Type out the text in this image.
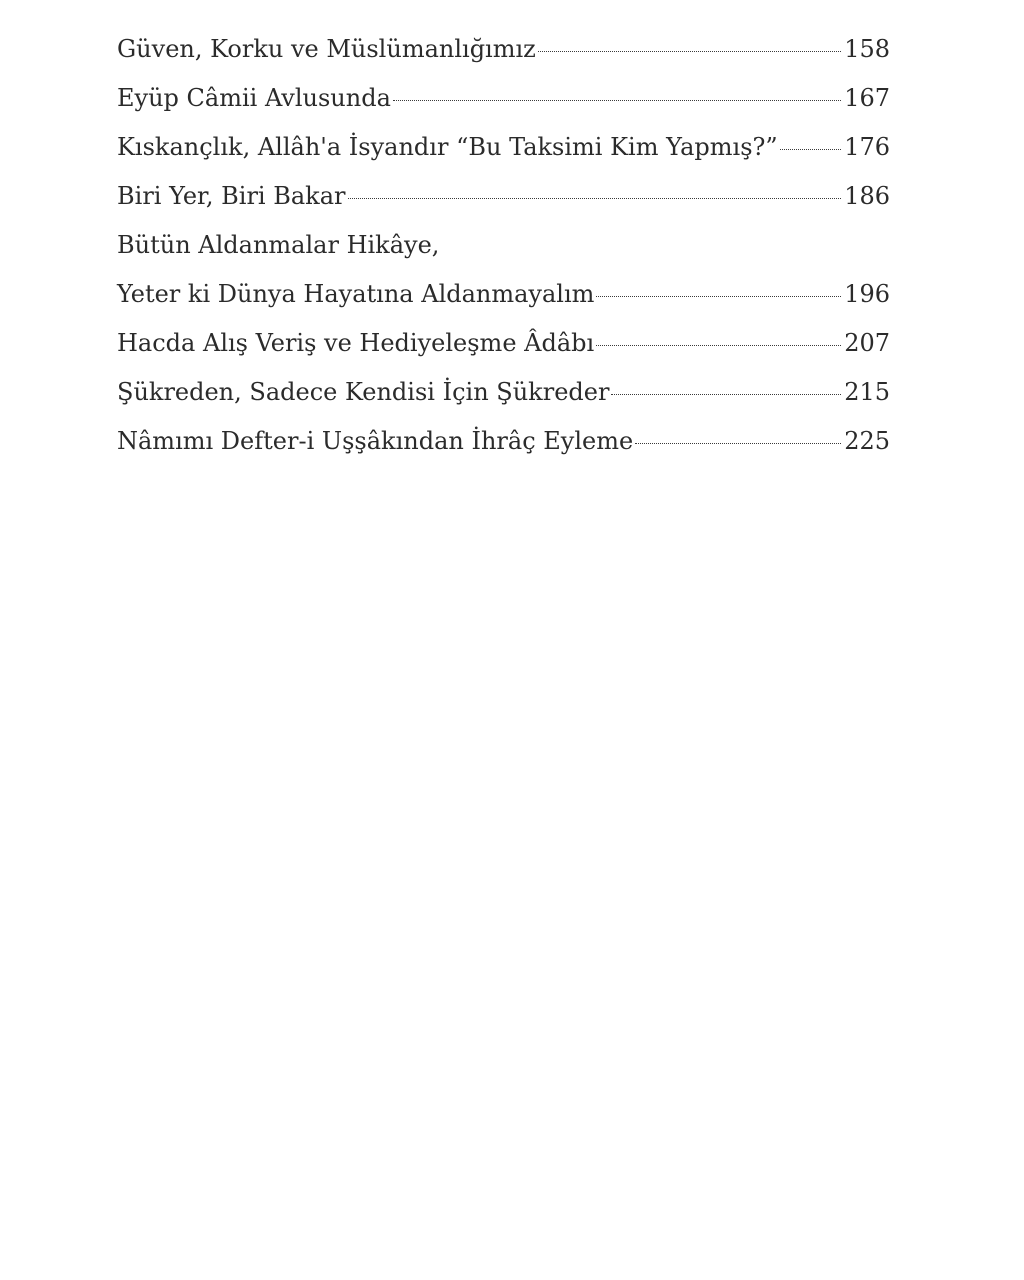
Güven, Korku ve Müslümanlığımız	158
Eyüp Câmii Avlusunda	167
Kıskançlık, Allâh'a İsyandır “Bu Taksimi Kim Yapmış?”	176
Biri Yer, Biri Bakar	186
Bütün Aldanmalar Hikâye,
Yeter ki Dünya Hayatına Aldanmayalım	196
Hacda Alış Veriş ve Hediyeleşme Âdâbı	207
Şükreden, Sadece Kendisi İçin Şükreder	215
Nâmımı Defter-i Uşşâkından İhrâç Eyleme	225
